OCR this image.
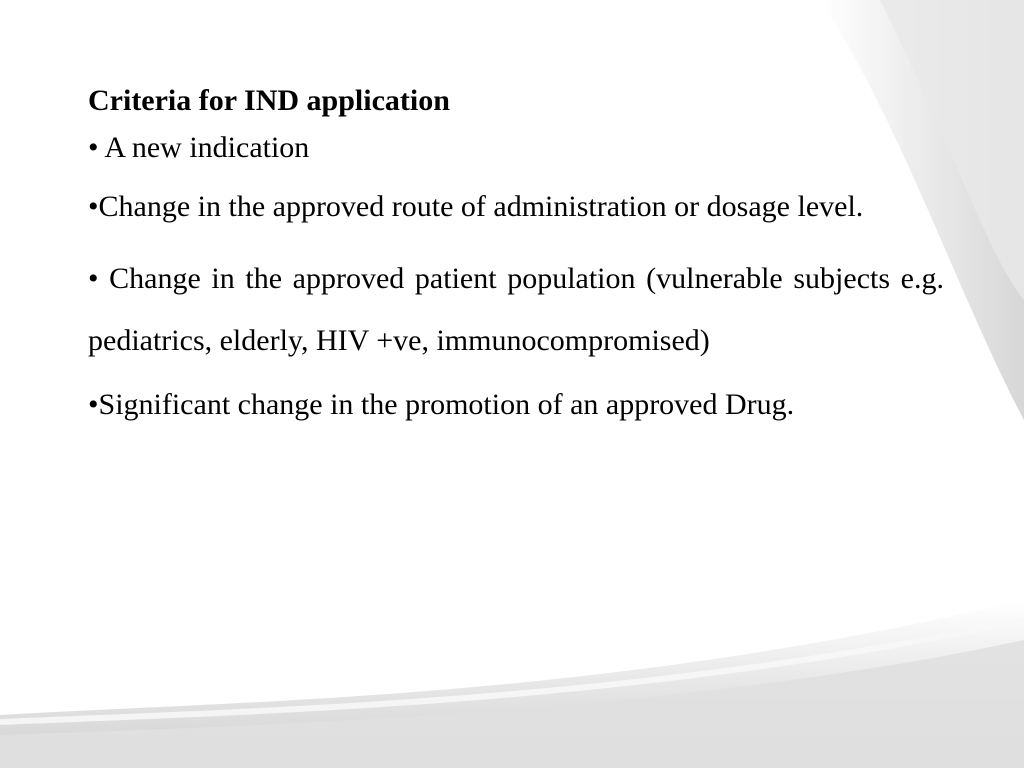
Criteria for IND application

• A new indication

•Change in the approved route of administration or dosage level.

• Change in the approved patient population (vulnerable subjects e.g. pediatrics, elderly, HIV +ve, immunocompromised)

•Significant change in the promotion of an approved Drug.
